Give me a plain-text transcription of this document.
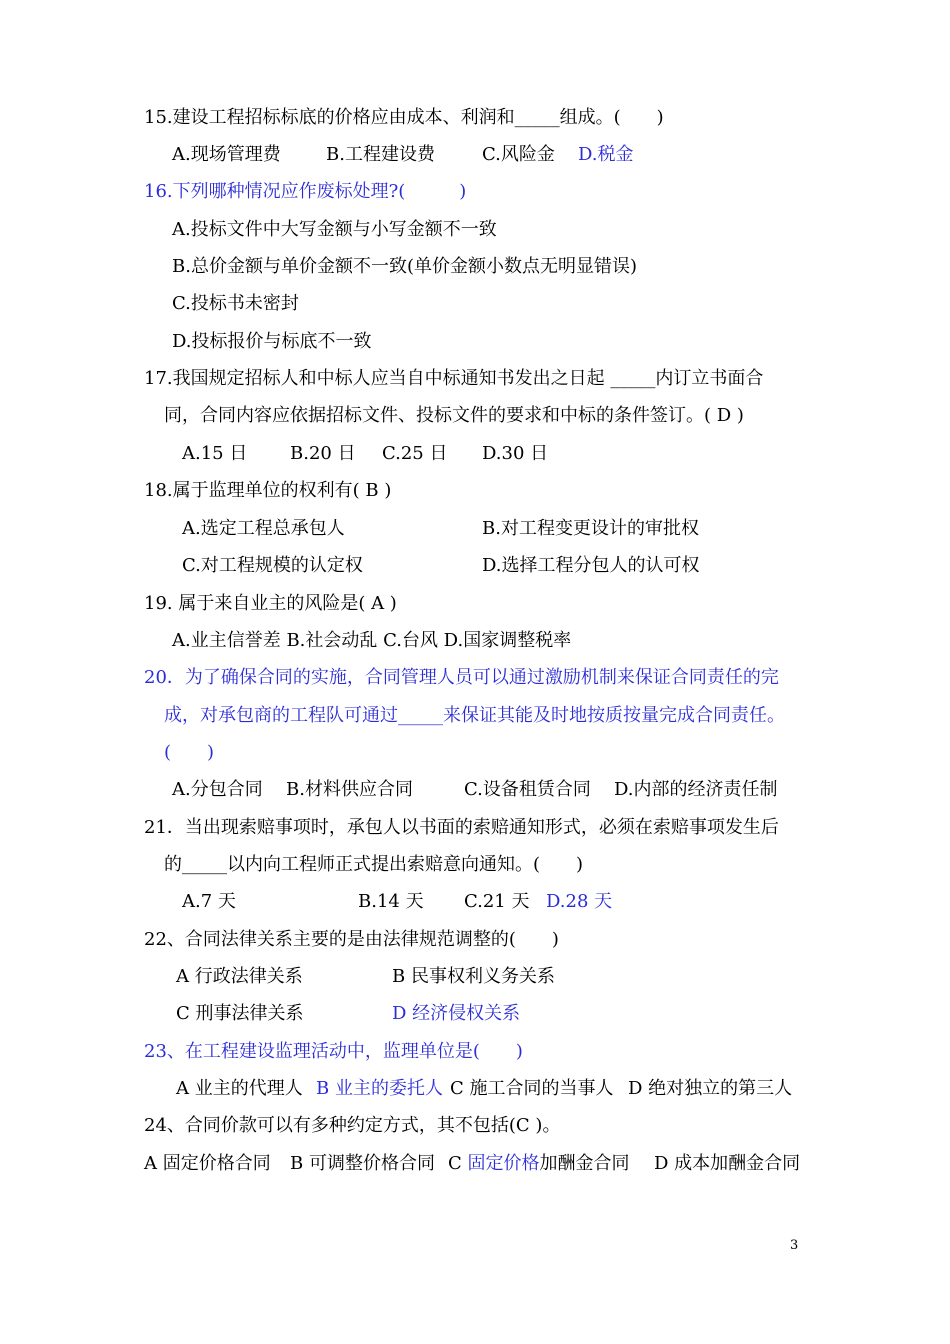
15.建设工程招标标底的价格应由成本、利润和_____组成。(　　)
A.现场管理费	B.工程建设费	C.风险金 D.税金
16.下列哪种情况应作废标处理?(　　　)
A.投标文件中大写金额与小写金额不一致
B.总价金额与单价金额不一致(单价金额小数点无明显错误)
C.投标书未密封
D.投标报价与标底不一致
17.我国规定招标人和中标人应当自中标通知书发出之日起 _____内订立书面合
同，合同内容应依据招标文件、投标文件的要求和中标的条件签订。( D )
A.15 日 B.20 日 C.25 日 D.30 日
18.属于监理单位的权利有( B )
A.选定工程总承包人	B.对工程变更设计的审批权
C.对工程规模的认定权	D.选择工程分包人的认可权
19. 属于来自业主的风险是( A )
A.业主信誉差 B.社会动乱 C.台风 D.国家调整税率
20．为了确保合同的实施，合同管理人员可以通过激励机制来保证合同责任的完
成，对承包商的工程队可通过_____来保证其能及时地按质按量完成合同责任。
(　　)
A.分包合同 B.材料供应合同	C.设备租赁合同 D.内部的经济责任制
21．当出现索赔事项时，承包人以书面的索赔通知形式，必须在索赔事项发生后
的_____以内向工程师正式提出索赔意向通知。(　　)
A.7 天	B.14 天 C.21 天 D.28 天
22、合同法律关系主要的是由法律规范调整的(　　)
A 行政法律关系	B 民事权利义务关系
C 刑事法律关系	D 经济侵权关系
23、在工程建设监理活动中，监理单位是(　　)
A 业主的代理人 B 业主的委托人 C 施工合同的当事人 D 绝对独立的第三人
24、合同价款可以有多种约定方式，其不包括(C )。
A 固定价格合同 B 可调整价格合同 C 固定价格加酬金合同 D 成本加酬金合同
3
